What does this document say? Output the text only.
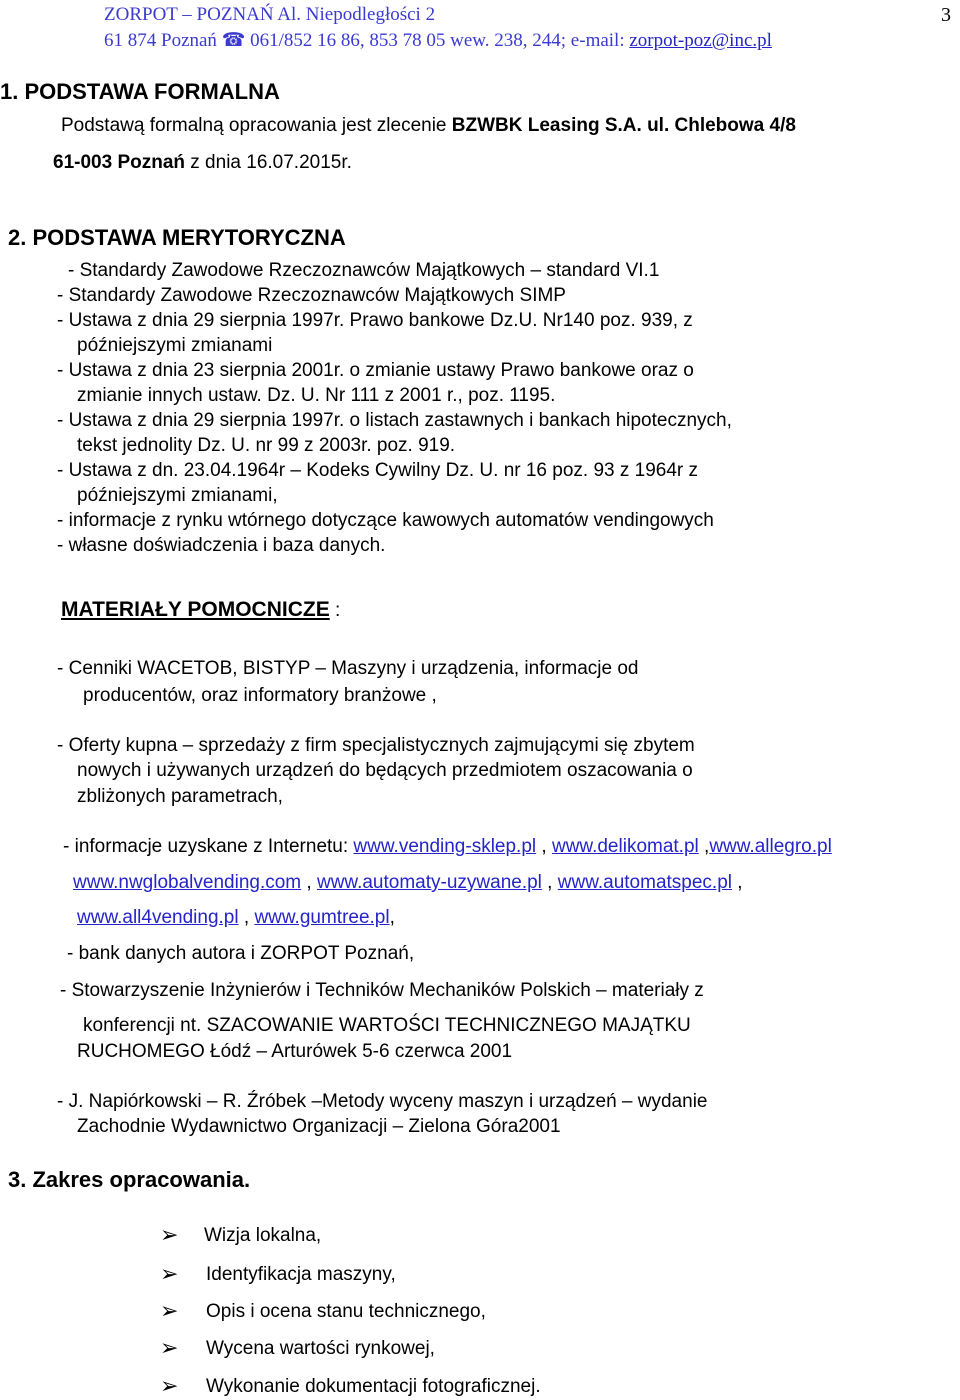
ZORPOT – POZNAŃ Al. Niepodległości 2	3
61 874 Poznań ☎ 061/852 16 86, 853 78 05 wew. 238, 244; e-mail: zorpot-poz@inc.pl
1. PODSTAWA FORMALNA
Podstawą formalną opracowania jest zlecenie BZWBK Leasing S.A. ul. Chlebowa 4/8
61-003 Poznań z dnia 16.07.2015r.
2. PODSTAWA MERYTORYCZNA
- Standardy Zawodowe Rzeczoznawców Majątkowych – standard VI.1
- Standardy Zawodowe Rzeczoznawców Majątkowych SIMP
- Ustawa z dnia 29 sierpnia 1997r. Prawo bankowe Dz.U. Nr140 poz. 939, z
późniejszymi zmianami
- Ustawa z dnia 23 sierpnia 2001r. o zmianie ustawy Prawo bankowe oraz o
zmianie innych ustaw. Dz. U. Nr 111 z 2001 r., poz. 1195.
- Ustawa z dnia 29 sierpnia 1997r. o listach zastawnych i bankach hipotecznych,
tekst jednolity Dz. U. nr 99 z 2003r. poz. 919.
- Ustawa z dn. 23.04.1964r – Kodeks Cywilny Dz. U. nr 16 poz. 93 z 1964r z
późniejszymi zmianami,
- informacje z rynku wtórnego dotyczące kawowych automatów vendingowych
- własne doświadczenia i baza danych.
MATERIAŁY POMOCNICZE :
- Cenniki WACETOB, BISTYP – Maszyny i urządzenia, informacje od
producentów, oraz informatory branżowe ,
- Oferty kupna – sprzedaży z firm specjalistycznych zajmującymi się zbytem
nowych i używanych urządzeń do będących przedmiotem oszacowania o
zbliżonych parametrach,
- informacje uzyskane z Internetu: www.vending-sklep.pl , www.delikomat.pl ,www.allegro.pl
www.nwglobalvending.com , www.automaty-uzywane.pl , www.automatspec.pl ,
www.all4vending.pl , www.gumtree.pl,
- bank danych autora i ZORPOT Poznań,
- Stowarzyszenie Inżynierów i Techników Mechaników Polskich – materiały z
konferencji nt. SZACOWANIE WARTOŚCI TECHNICZNEGO MAJĄTKU
RUCHOMEGO Łódź – Arturówek 5-6 czerwca 2001
- J. Napiórkowski – R. Źróbek –Metody wyceny maszyn i urządzeń – wydanie
Zachodnie Wydawnictwo Organizacji – Zielona Góra2001
3. Zakres opracowania.
➢ Wizja lokalna,
➢ Identyfikacja maszyny,
➢ Opis i ocena stanu technicznego,
➢ Wycena wartości rynkowej,
➢ Wykonanie dokumentacji fotograficznej.
